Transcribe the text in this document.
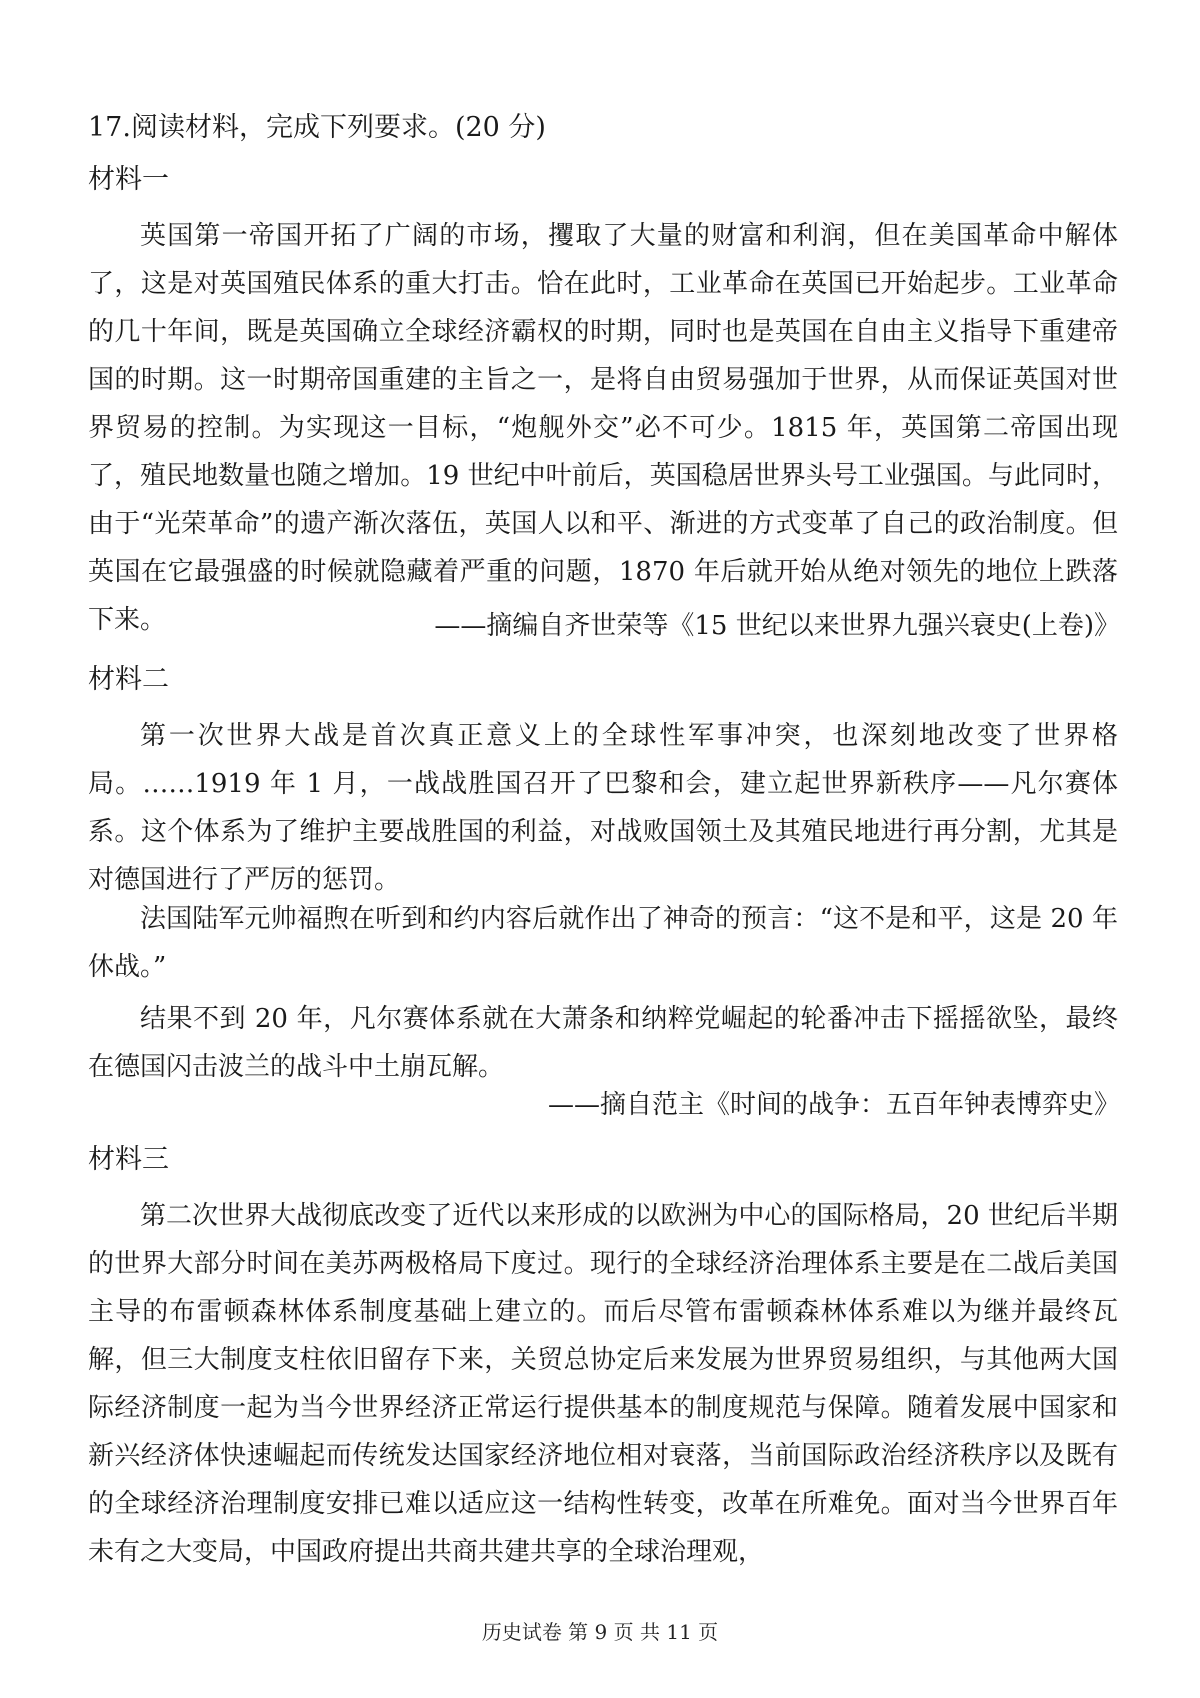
17.阅读材料，完成下列要求。(20 分)
材料一

英国第一帝国开拓了广阔的市场，攫取了大量的财富和利润，但在美国革命中解体了，这是对英国殖民体系的重大打击。恰在此时，工业革命在英国已开始起步。工业革命的几十年间，既是英国确立全球经济霸权的时期，同时也是英国在自由主义指导下重建帝国的时期。这一时期帝国重建的主旨之一，是将自由贸易强加于世界，从而保证英国对世界贸易的控制。为实现这一目标，“炮舰外交”必不可少。1815 年，英国第二帝国出现了，殖民地数量也随之增加。19 世纪中叶前后，英国稳居世界头号工业强国。与此同时，由于“光荣革命”的遗产渐次落伍，英国人以和平、渐进的方式变革了自己的政治制度。但英国在它最强盛的时候就隐藏着严重的问题，1870 年后就开始从绝对领先的地位上跌落下来。	——摘编自齐世荣等《15 世纪以来世界九强兴衰史(上卷)》
材料二

第一次世界大战是首次真正意义上的全球性军事冲突，也深刻地改变了世界格局。……1919 年 1 月，一战战胜国召开了巴黎和会，建立起世界新秩序——凡尔赛体系。这个体系为了维护主要战胜国的利益，对战败国领土及其殖民地进行再分割，尤其是对德国进行了严厉的惩罚。

法国陆军元帅福煦在听到和约内容后就作出了神奇的预言：“这不是和平，这是 20 年休战。”

结果不到 20 年，凡尔赛体系就在大萧条和纳粹党崛起的轮番冲击下摇摇欲坠，最终在德国闪击波兰的战斗中土崩瓦解。

——摘自范主《时间的战争：五百年钟表博弈史》
材料三

第二次世界大战彻底改变了近代以来形成的以欧洲为中心的国际格局，20 世纪后半期的世界大部分时间在美苏两极格局下度过。现行的全球经济治理体系主要是在二战后美国主导的布雷顿森林体系制度基础上建立的。而后尽管布雷顿森林体系难以为继并最终瓦解，但三大制度支柱依旧留存下来，关贸总协定后来发展为世界贸易组织，与其他两大国际经济制度一起为当今世界经济正常运行提供基本的制度规范与保障。随着发展中国家和新兴经济体快速崛起而传统发达国家经济地位相对衰落，当前国际政治经济秩序以及既有的全球经济治理制度安排已难以适应这一结构性转变，改革在所难免。面对当今世界百年未有之大变局，中国政府提出共商共建共享的全球治理观，

历史试卷 第 9 页 共 11 页
